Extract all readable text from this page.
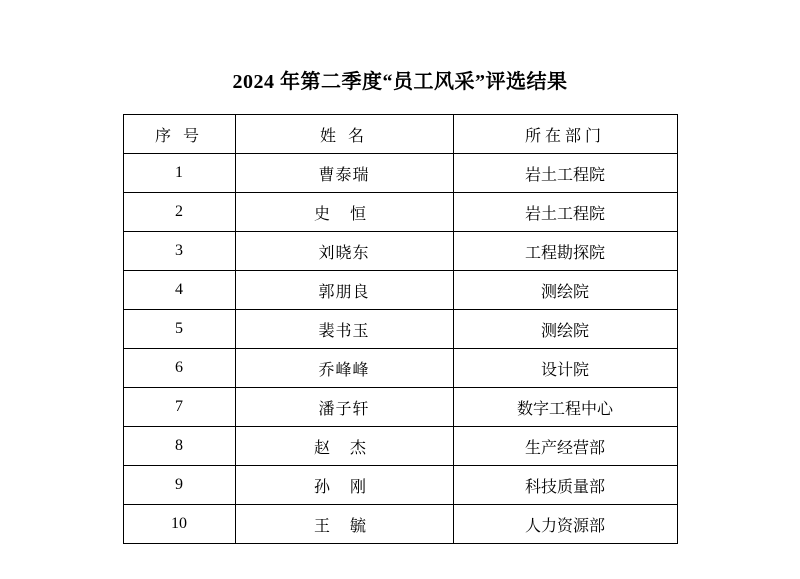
2024 年第二季度“员工风采”评选结果
序 号	姓 名	所在部门
1	曹泰瑞	岩土工程院
2	史 恒	岩土工程院
3	刘晓东	工程勘探院
4	郭朋良	测绘院
5	裴书玉	测绘院
6	乔峰峰	设计院
7	潘子轩	数字工程中心
8	赵 杰	生产经营部
9	孙 刚	科技质量部
10	王 毓	人力资源部
